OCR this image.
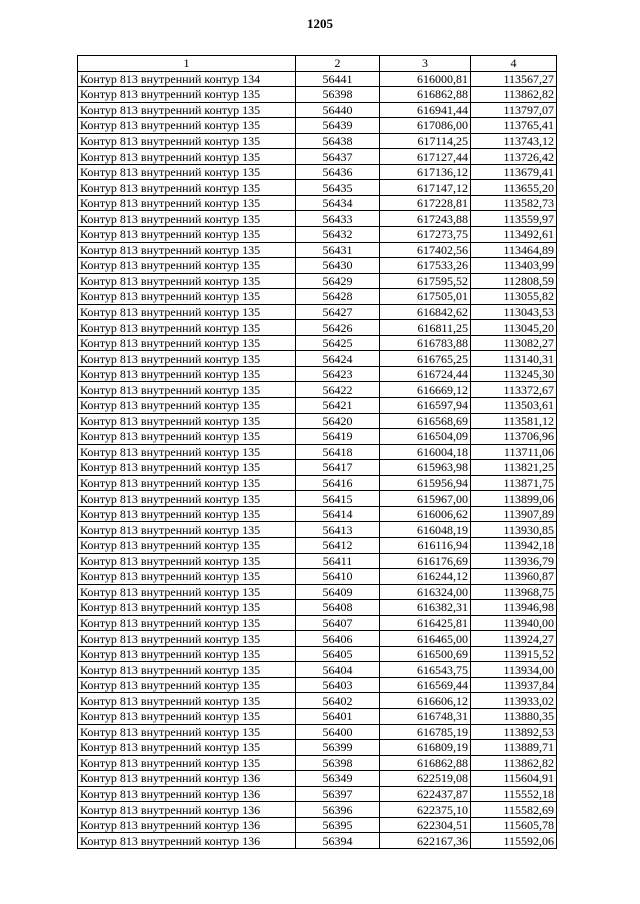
1205
1	2	3	4
Контур 813 внутренний контур 134	56441	616000,81	113567,27
Контур 813 внутренний контур 135	56398	616862,88	113862,82
Контур 813 внутренний контур 135	56440	616941,44	113797,07
Контур 813 внутренний контур 135	56439	617086,00	113765,41
Контур 813 внутренний контур 135	56438	617114,25	113743,12
Контур 813 внутренний контур 135	56437	617127,44	113726,42
Контур 813 внутренний контур 135	56436	617136,12	113679,41
Контур 813 внутренний контур 135	56435	617147,12	113655,20
Контур 813 внутренний контур 135	56434	617228,81	113582,73
Контур 813 внутренний контур 135	56433	617243,88	113559,97
Контур 813 внутренний контур 135	56432	617273,75	113492,61
Контур 813 внутренний контур 135	56431	617402,56	113464,89
Контур 813 внутренний контур 135	56430	617533,26	113403,99
Контур 813 внутренний контур 135	56429	617595,52	112808,59
Контур 813 внутренний контур 135	56428	617505,01	113055,82
Контур 813 внутренний контур 135	56427	616842,62	113043,53
Контур 813 внутренний контур 135	56426	616811,25	113045,20
Контур 813 внутренний контур 135	56425	616783,88	113082,27
Контур 813 внутренний контур 135	56424	616765,25	113140,31
Контур 813 внутренний контур 135	56423	616724,44	113245,30
Контур 813 внутренний контур 135	56422	616669,12	113372,67
Контур 813 внутренний контур 135	56421	616597,94	113503,61
Контур 813 внутренний контур 135	56420	616568,69	113581,12
Контур 813 внутренний контур 135	56419	616504,09	113706,96
Контур 813 внутренний контур 135	56418	616004,18	113711,06
Контур 813 внутренний контур 135	56417	615963,98	113821,25
Контур 813 внутренний контур 135	56416	615956,94	113871,75
Контур 813 внутренний контур 135	56415	615967,00	113899,06
Контур 813 внутренний контур 135	56414	616006,62	113907,89
Контур 813 внутренний контур 135	56413	616048,19	113930,85
Контур 813 внутренний контур 135	56412	616116,94	113942,18
Контур 813 внутренний контур 135	56411	616176,69	113936,79
Контур 813 внутренний контур 135	56410	616244,12	113960,87
Контур 813 внутренний контур 135	56409	616324,00	113968,75
Контур 813 внутренний контур 135	56408	616382,31	113946,98
Контур 813 внутренний контур 135	56407	616425,81	113940,00
Контур 813 внутренний контур 135	56406	616465,00	113924,27
Контур 813 внутренний контур 135	56405	616500,69	113915,52
Контур 813 внутренний контур 135	56404	616543,75	113934,00
Контур 813 внутренний контур 135	56403	616569,44	113937,84
Контур 813 внутренний контур 135	56402	616606,12	113933,02
Контур 813 внутренний контур 135	56401	616748,31	113880,35
Контур 813 внутренний контур 135	56400	616785,19	113892,53
Контур 813 внутренний контур 135	56399	616809,19	113889,71
Контур 813 внутренний контур 135	56398	616862,88	113862,82
Контур 813 внутренний контур 136	56349	622519,08	115604,91
Контур 813 внутренний контур 136	56397	622437,87	115552,18
Контур 813 внутренний контур 136	56396	622375,10	115582,69
Контур 813 внутренний контур 136	56395	622304,51	115605,78
Контур 813 внутренний контур 136	56394	622167,36	115592,06
